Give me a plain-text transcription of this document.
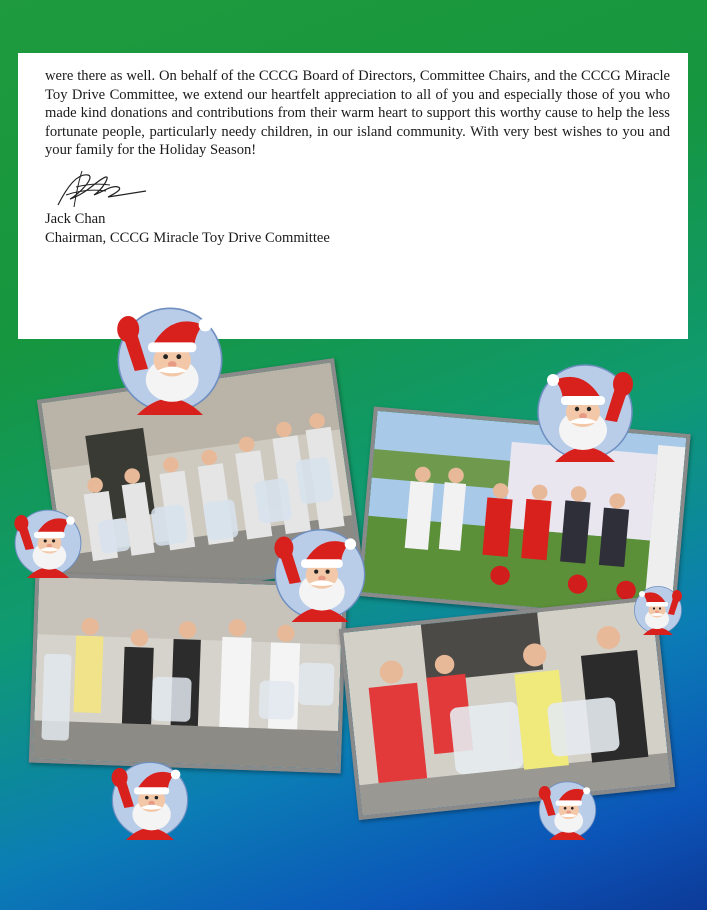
were there as well. On behalf of the CCCG Board of Directors, Committee Chairs, and the CCCG Miracle Toy Drive Committee, we extend our heartfelt appreciation to all of you and especially those of you who made kind donations and contributions from their warm heart to support this worthy cause to help the less fortunate people, particularly needy children, in our island community. With very best wishes to you and your family for the Holiday Season!

Jack Chan
Chairman, CCCG Miracle Toy Drive Committee
